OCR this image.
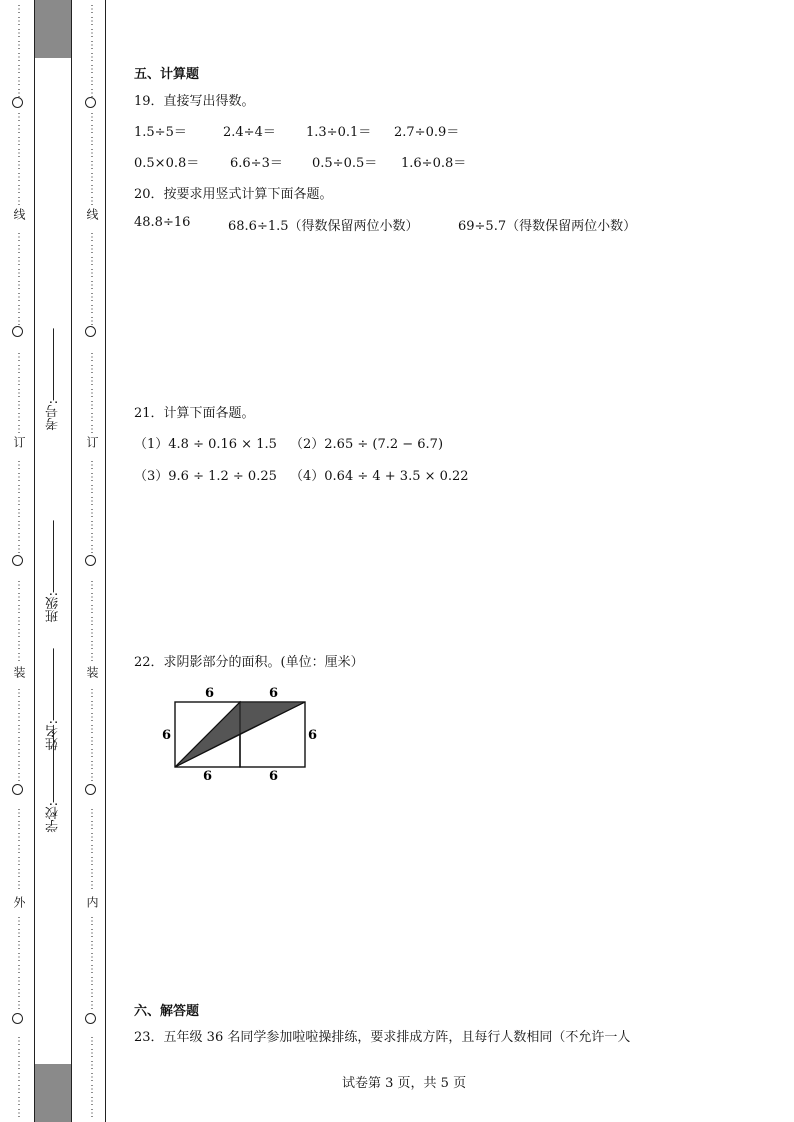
⋮
⋮
⋮
⋮
⋮
⋮
⋮
⋮
⋮
⋮
⋮
⋮
⋮
⋮
⋮
⋮
⋮
⋮
⋮
⋮
⋮
⋮
⋮
⋮
⋮
⋮
⋮
⋮
⋮
⋮
⋮
⋮
⋮
⋮
⋮
⋮
⋮
⋮
⋮
⋮
⋮
⋮
⋮
⋮
⋮
⋮
⋮
⋮
⋮
⋮
⋮
⋮
⋮
⋮
⋮
⋮
⋮
⋮
⋮
⋮
⋮
⋮
⋮
⋮
⋮
⋮
⋮
⋮
⋮
⋮
⋮
⋮
⋮
⋮
⋮
⋮
⋮
⋮
⋮
⋮
⋮
⋮
⋮
⋮
⋮
⋮
⋮
⋮
⋮
⋮
⋮
⋮
⋮
⋮
⋮
⋮
⋮
⋮
⋮
⋮
⋮
⋮
⋮
⋮
⋮
⋮
⋮
⋮
⋮
⋮
⋮
⋮
⋮
⋮
⋮
⋮
⋮
⋮
⋮
⋮
⋮
⋮
⋮
⋮
⋮
⋮
⋮
⋮
⋮
⋮
⋮
⋮
⋮
⋮
⋮
⋮
⋮
⋮
⋮
⋮
⋮
⋮
⋮
⋮
⋮
⋮
⋮
⋮
⋮
⋮
⋮
⋮
线
订
装
外
线
订
装
内
考号:
班级:
姓名:
学校:
五、计算题
19．直接写出得数。
1.5÷5＝	2.4÷4＝ 1.3÷0.1＝ 2.7÷0.9＝
0.5×0.8＝ 6.6÷3＝ 0.5÷0.5＝ 1.6÷0.8＝
20．按要求用竖式计算下面各题。
48.8÷16	68.6÷1.5（得数保留两位小数）	69÷5.7（得数保留两位小数）
21．计算下面各题。
（1）4.8 ÷ 0.16 × 1.5 （2）2.65 ÷ (7.2 − 6.7)
（3）9.6 ÷ 1.2 ÷ 0.25 （4）0.64 ÷ 4 + 3.5 × 0.22
22．求阴影部分的面积。(单位：厘米）
6	6
6	6
6	6
六、解答题
23．五年级 36 名同学参加啦啦操排练，要求排成方阵，且每行人数相同（不允许一人
试卷第 3 页，共 5 页
